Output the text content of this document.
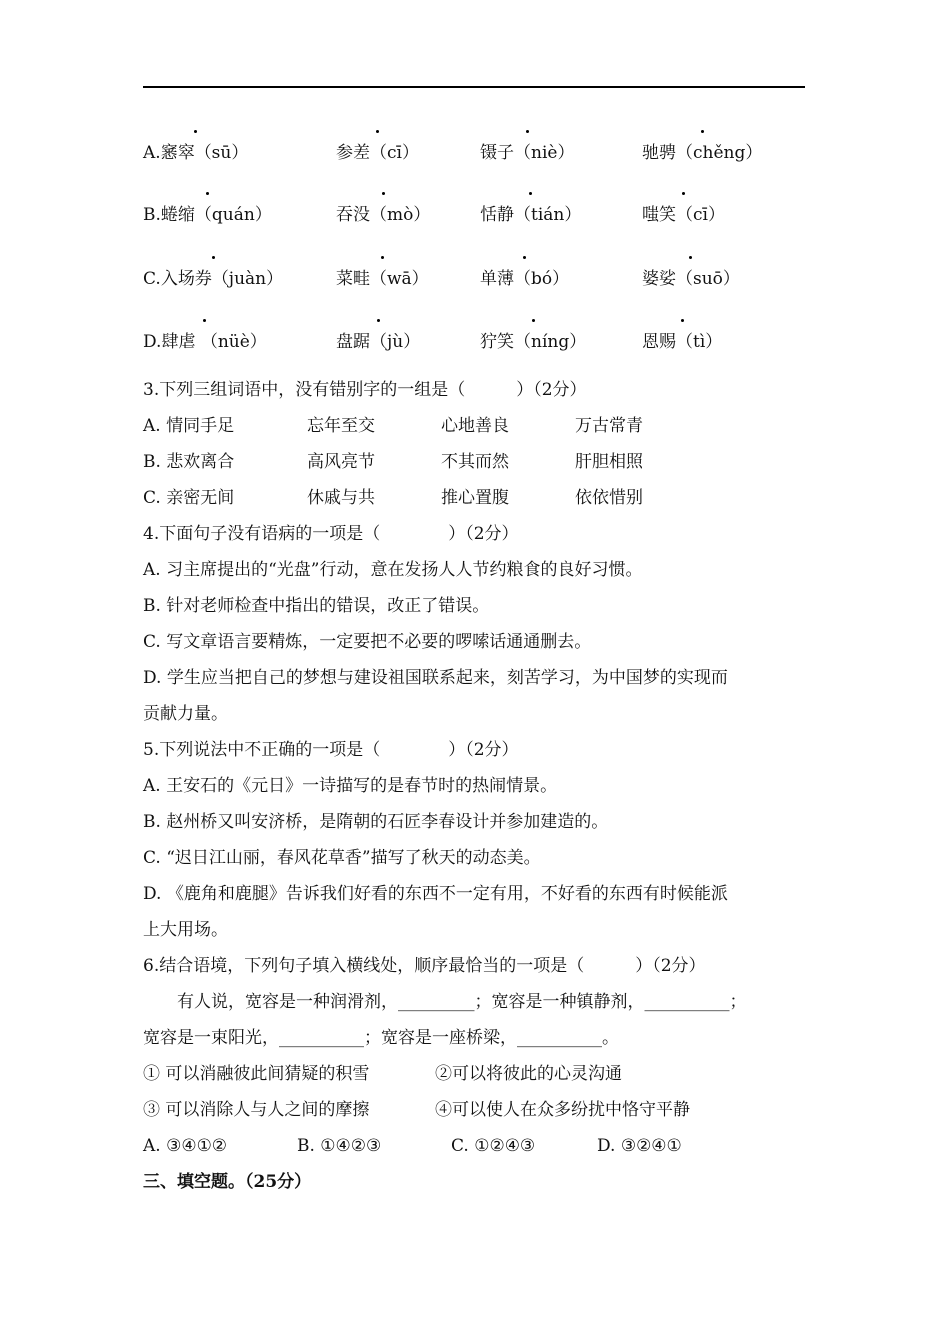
A.窸窣（sū）	参差（cī）	镊子（niè）	驰骋（chěng）
B.蜷缩（quán）	吞没（mò）	恬静（tián）	嗤笑（cī）
C.入场券（juàn）	菜畦（wā）	单薄（bó）	婆娑（suō）
D.肆虐 （nüè）	盘踞（jù）	狞笑（níng）	恩赐（tì）
3.下列三组词语中，没有错别字的一组是（　　　）（2分）
A. 情同手足	忘年至交	心地善良	万古常青
B. 悲欢离合	高风亮节	不其而然	肝胆相照
C. 亲密无间	休戚与共	推心置腹	依依惜别
4.下面句子没有语病的一项是（　　　　）（2分）
A. 习主席提出的“光盘”行动，意在发扬人人节约粮食的良好习惯。
B. 针对老师检查中指出的错误，改正了错误。
C. 写文章语言要精炼，一定要把不必要的啰嗦话通通删去。
D. 学生应当把自己的梦想与建设祖国联系起来，刻苦学习，为中国梦的实现而
贡献力量。
5.下列说法中不正确的一项是（　　　　）（2分）
A. 王安石的《元日》一诗描写的是春节时的热闹情景。
B. 赵州桥又叫安济桥，是隋朝的石匠李春设计并参加建造的。
C. “迟日江山丽，春风花草香”描写了秋天的动态美。
D. 《鹿角和鹿腿》告诉我们好看的东西不一定有用，不好看的东西有时候能派
上大用场。
6.结合语境，下列句子填入横线处，顺序最恰当的一项是（　　　）（2分）
　　有人说，宽容是一种润滑剂，_________；宽容是一种镇静剂，__________；
宽容是一束阳光，__________；宽容是一座桥梁，__________。
① 可以消融彼此间猜疑的积雪	②可以将彼此的心灵沟通
③ 可以消除人与人之间的摩擦	④可以使人在众多纷扰中恪守平静
A. ③④①②	B. ①④②③	C. ①②④③	D. ③②④①
三、填空题。（25分）
